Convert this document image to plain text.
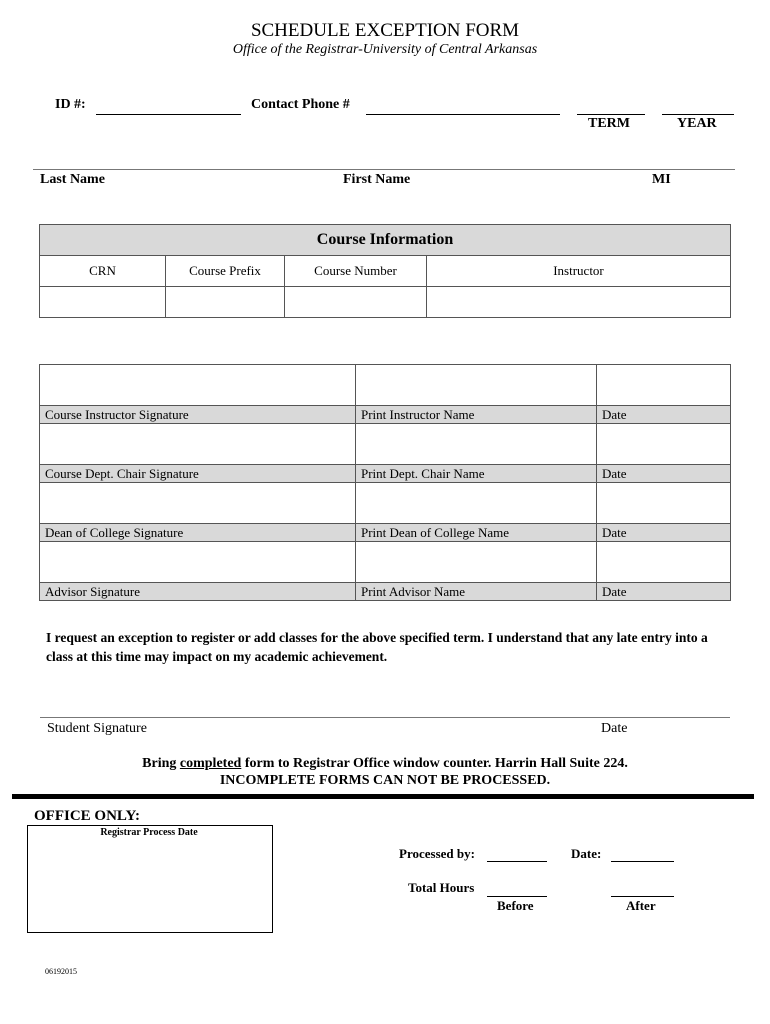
SCHEDULE EXCEPTION FORM
Office of the Registrar-University of Central Arkansas
ID #:	Contact Phone #
TERM	YEAR
Last Name	First Name	MI
Course Information			
CRN	Course Prefix	Course Number	Instructor

Course Instructor Signature	Print Instructor Name	Date

Course Dept. Chair Signature	Print Dept. Chair Name	Date

Dean of College Signature	Print Dean of College Name	Date

Advisor Signature	Print Advisor Name	Date
I request an exception to register or add classes for the above specified term. I understand that any late entry into a class at this time may impact on my academic achievement.
Student Signature	Date
Bring completed form to Registrar Office window counter. Harrin Hall Suite 224.
INCOMPLETE FORMS CAN NOT BE PROCESSED.
OFFICE ONLY:
Registrar Process Date
Processed by:	Date:
Total Hours
Before	After
06192015
